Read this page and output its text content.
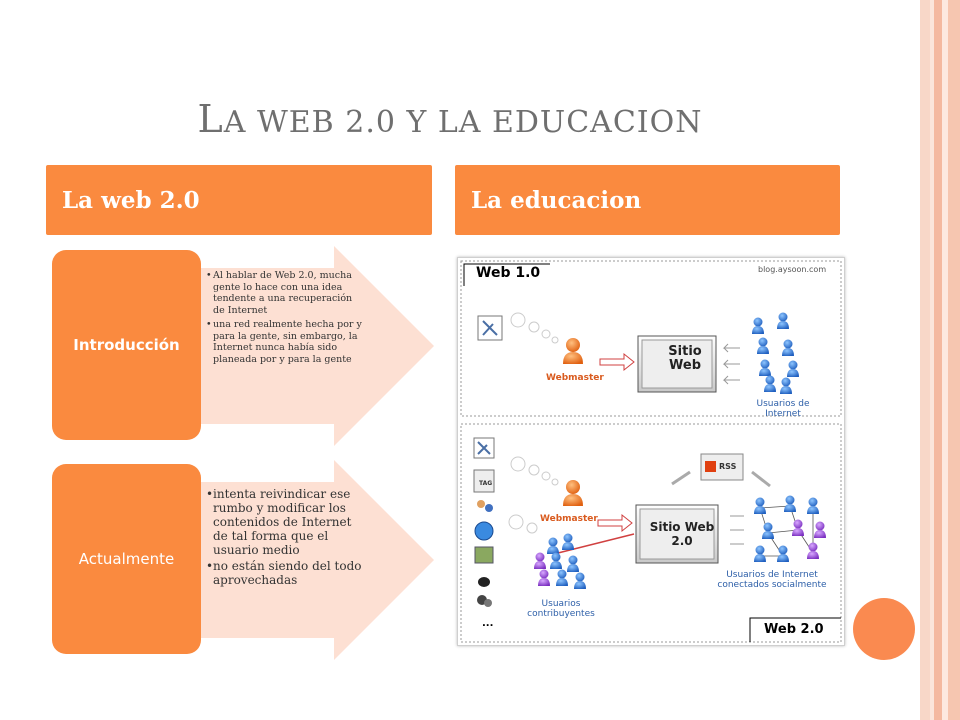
LA WEB 2.0 Y LA EDUCACION
La web 2.0	La educacion
• Al hablar de Web 2.0, mucha gente lo hace con una idea tendente a una recuperación de Internet
• una red realmente hecha por y para la gente, sin embargo, la Internet nunca había sido planeada por y para la gente
Introducción
• intenta reivindicar ese rumbo y modificar los contenidos de Internet de tal forma que el usuario medio
• no están siendo del todo aprovechadas
Actualmente
Web 1.0	blog.aysoon.com
Sitio Web
Webmaster
Usuarios de Internet
RSS
TAG
Webmaster
Sitio Web 2.0
Usuarios de Internet conectados socialmente
Usuarios contribuyentes
Web 2.0
...
